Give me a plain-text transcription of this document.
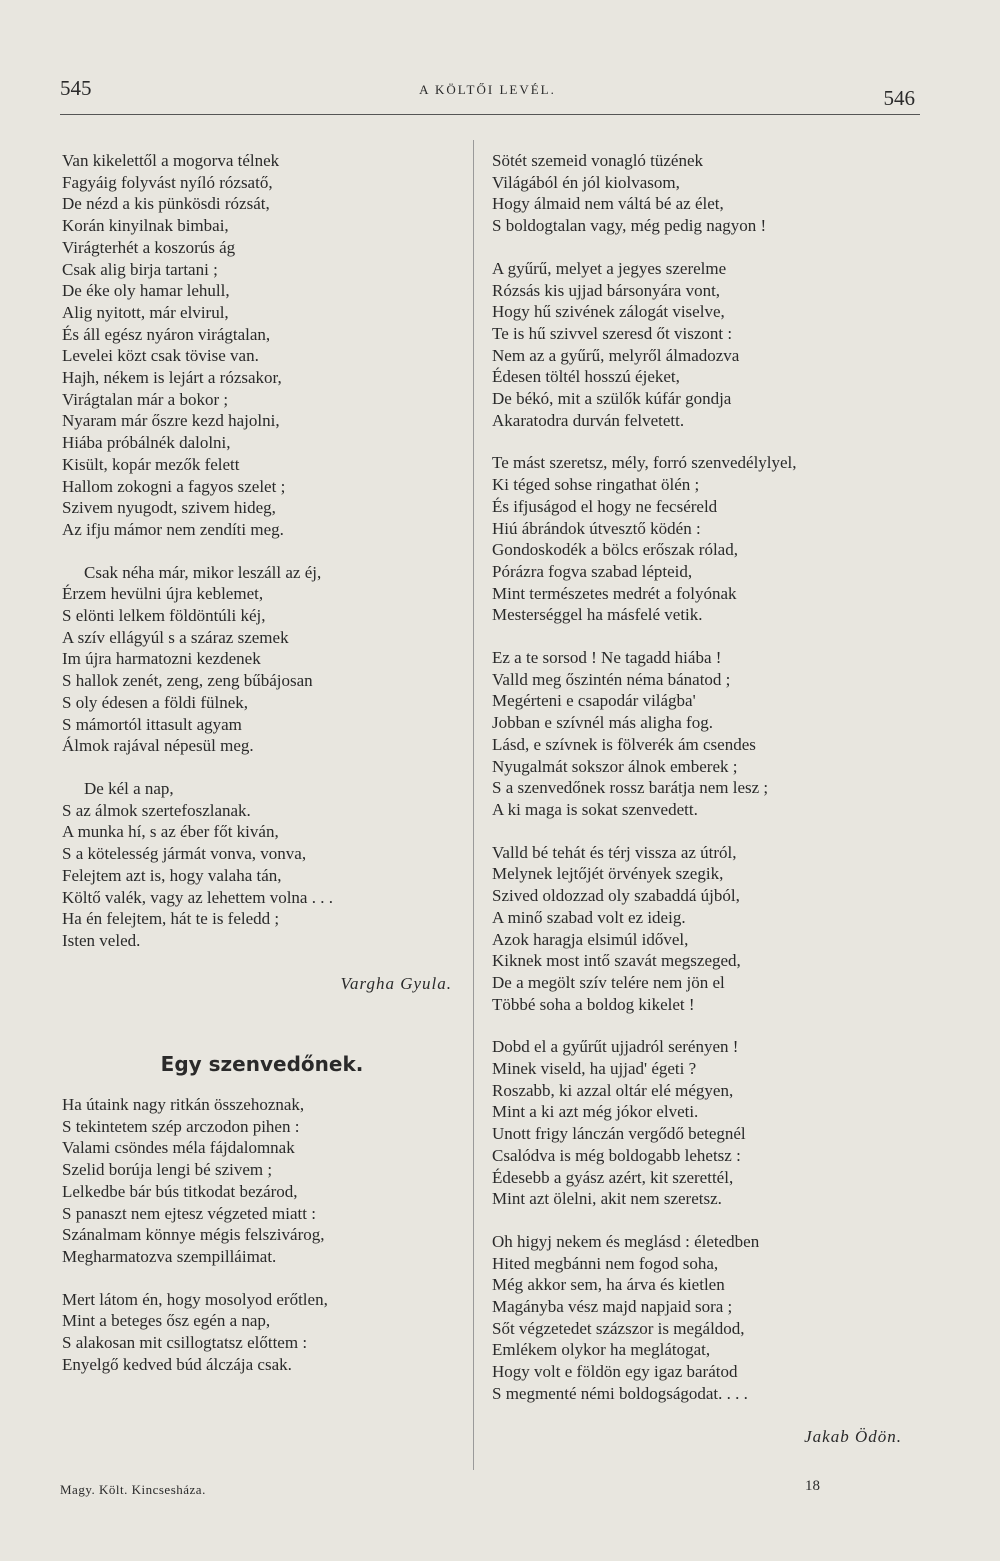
545	A KÖLTŐI LEVÉL.	546
Van kikelettől a mogorva télnek
Fagyáig folyvást nyíló rózsatő,
De nézd a kis pünkösdi rózsát,
Korán kinyilnak bimbai,
Virágterhét a koszorús ág
Csak alig birja tartani ;
De éke oly hamar lehull,
Alig nyitott, már elvirul,
És áll egész nyáron virágtalan,
Levelei közt csak tövise van.
Hajh, nékem is lejárt a rózsakor,
Virágtalan már a bokor ;
Nyaram már őszre kezd hajolni,
Hiába próbálnék dalolni,
Kisült, kopár mezők felett
Hallom zokogni a fagyos szelet ;
Szivem nyugodt, szivem hideg,
Az ifju mámor nem zendíti meg.
Csak néha már, mikor leszáll az éj,
Érzem hevülni újra keblemet,
S elönti lelkem földöntúli kéj,
A szív ellágyúl s a száraz szemek
Im újra harmatozni kezdenek
S hallok zenét, zeng, zeng bűbájosan
S oly édesen a földi fülnek,
S mámortól ittasult agyam
Álmok rajával népesül meg.
De kél a nap,
S az álmok szertefoszlanak.
A munka hí, s az éber főt kiván,
S a kötelesség jármát vonva, vonva,
Felejtem azt is, hogy valaha tán,
Költő valék, vagy az lehettem volna . . .
Ha én felejtem, hát te is feledd ;
Isten veled.
Vargha Gyula.
Egy szenvedőnek.
Ha útaink nagy ritkán összehoznak,
S tekintetem szép arczodon pihen :
Valami csöndes méla fájdalomnak
Szelid borúja lengi bé szivem ;
Lelkedbe bár bús titkodat bezárod,
S panaszt nem ejtesz végzeted miatt :
Szánalmam könnye mégis felszivárog,
Megharmatozva szempilláimat.
Mert látom én, hogy mosolyod erőtlen,
Mint a beteges ősz egén a nap,
S alakosan mit csillogtatsz előttem :
Enyelgő kedved búd álczája csak.
Sötét szemeid vonagló tüzének
Világából én jól kiolvasom,
Hogy álmaid nem váltá bé az élet,
S boldogtalan vagy, még pedig nagyon !
A gyűrű, melyet a jegyes szerelme
Rózsás kis ujjad bársonyára vont,
Hogy hű szivének zálogát viselve,
Te is hű szivvel szeresd őt viszont :
Nem az a gyűrű, melyről álmadozva
Édesen töltél hosszú éjeket,
De békó, mit a szülők kúfár gondja
Akaratodra durván felvetett.
Te mást szeretsz, mély, forró szenvedélylyel,
Ki téged sohse ringathat ölén ;
És ifjuságod el hogy ne fecséreld
Hiú ábrándok útvesztő ködén :
Gondoskodék a bölcs erőszak rólad,
Pórázra fogva szabad lépteid,
Mint természetes medrét a folyónak
Mesterséggel ha másfelé vetik.
Ez a te sorsod ! Ne tagadd hiába !
Valld meg őszintén néma bánatod ;
Megérteni e csapodár világba'
Jobban e szívnél más aligha fog.
Lásd, e szívnek is fölverék ám csendes
Nyugalmát sokszor álnok emberek ;
S a szenvedőnek rossz barátja nem lesz ;
A ki maga is sokat szenvedett.
Valld bé tehát és térj vissza az útról,
Melynek lejtőjét örvények szegik,
Szived oldozzad oly szabaddá újból,
A minő szabad volt ez ideig.
Azok haragja elsimúl idővel,
Kiknek most intő szavát megszeged,
De a megölt szív telére nem jön el
Többé soha a boldog kikelet !
Dobd el a gyűrűt ujjadról serényen !
Minek viseld, ha ujjad' égeti ?
Roszabb, ki azzal oltár elé mégyen,
Mint a ki azt még jókor elveti.
Unott frigy lánczán vergődő betegnél
Csalódva is még boldogabb lehetsz :
Édesebb a gyász azért, kit szerettél,
Mint azt ölelni, akit nem szeretsz.
Oh higyj nekem és meglásd : életedben
Hited megbánni nem fogod soha,
Még akkor sem, ha árva és kietlen
Magányba vész majd napjaid sora ;
Sőt végzetedet százszor is megáldod,
Emlékem olykor ha meglátogat,
Hogy volt e földön egy igaz barátod
S megmenté némi boldogságodat. . . .
Jakab Ödön.
Magy. Költ. Kincsesháza.	18
